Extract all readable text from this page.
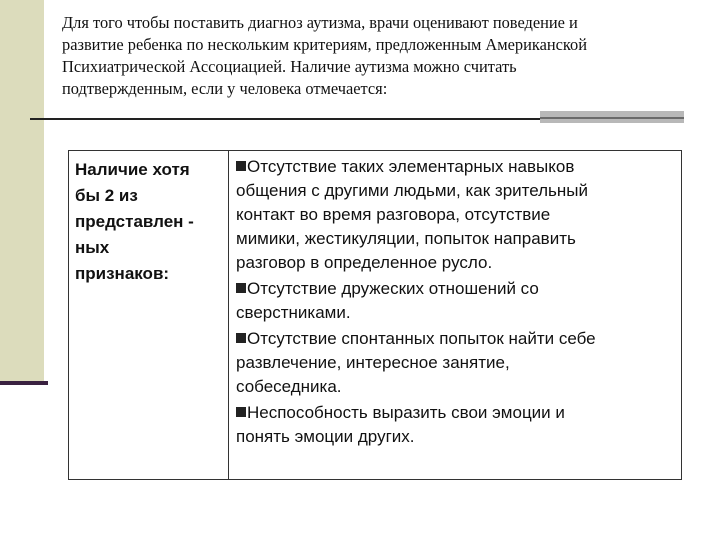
Для того чтобы поставить диагноз аутизма, врачи оценивают поведение и
развитие ребенка по нескольким критериям, предложенным Американской
Психиатрической Ассоциацией. Наличие аутизма можно считать
подтвержденным, если у человека отмечается:

Наличие хотя
бы 2 из
представлен -
ных
признаков:
Отсутствие таких элементарных навыков
общения с другими людьми, как зрительный
контакт во время разговора, отсутствие
мимики, жестикуляции, попыток направить
разговор в определенное русло.
Отсутствие дружеских отношений со
сверстниками.
Отсутствие спонтанных попыток найти себе
развлечение, интересное занятие,
собеседника.
Неспособность выразить свои эмоции и
понять эмоции других.
